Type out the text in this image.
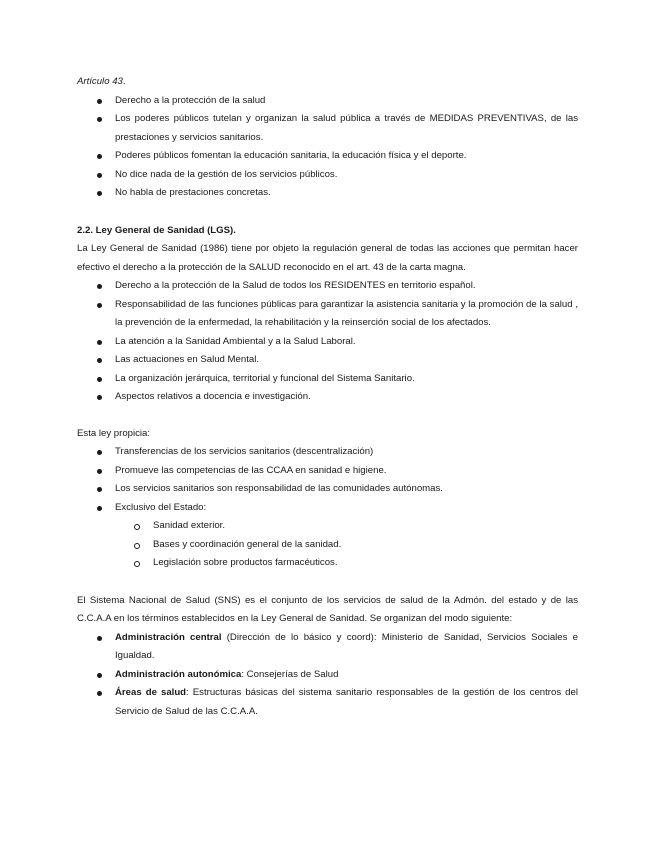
Artículo 43.

Derecho a la protección de la salud
Los poderes públicos tutelan y organizan la salud pública a través de MEDIDAS PREVENTIVAS, de las prestaciones y servicios sanitarios.
Poderes públicos fomentan la educación sanitaria, la educación física y el deporte.
No dice nada de la gestión de los servicios públicos.
No habla de prestaciones concretas.

2.2. Ley General de Sanidad (LGS).

La Ley General de Sanidad (1986) tiene por objeto la regulación general de todas las acciones que permitan hacer efectivo el derecho a la protección de la SALUD reconocido en el art. 43 de la carta magna.

Derecho a la protección de la Salud de todos los RESIDENTES en territorio español.
Responsabilidad de las funciones públicas para garantizar la asistencia sanitaria y la promoción de la salud , la prevención de la enfermedad, la rehabilitación y la reinserción social de los afectados.
La atención a la Sanidad Ambiental y a la Salud Laboral.
Las actuaciones en Salud Mental.
La organización jerárquica, territorial y funcional del Sistema Sanitario.
Aspectos relativos a docencia e investigación.

Esta ley propicia:

Transferencias de los servicios sanitarios (descentralización)
Promueve las competencias de las CCAA en sanidad e higiene.
Los servicios sanitarios son responsabilidad de las comunidades autónomas.
Exclusivo del Estado:
Sanidad exterior.
Bases y coordinación general de la sanidad.
Legislación sobre productos farmacéuticos.

El Sistema Nacional de Salud (SNS) es el conjunto de los servicios de salud de la Admón. del estado y de las C.C.A.A en los términos establecidos en la Ley General de Sanidad. Se organizan del modo siguiente:

Administración central (Dirección de lo básico y coord): Ministerio de Sanidad, Servicios Sociales e Igualdad.
Administración autonómica: Consejerías de Salud
Áreas de salud: Estructuras básicas del sistema sanitario responsables de la gestión de los centros del Servicio de Salud de las C.C.A.A.
